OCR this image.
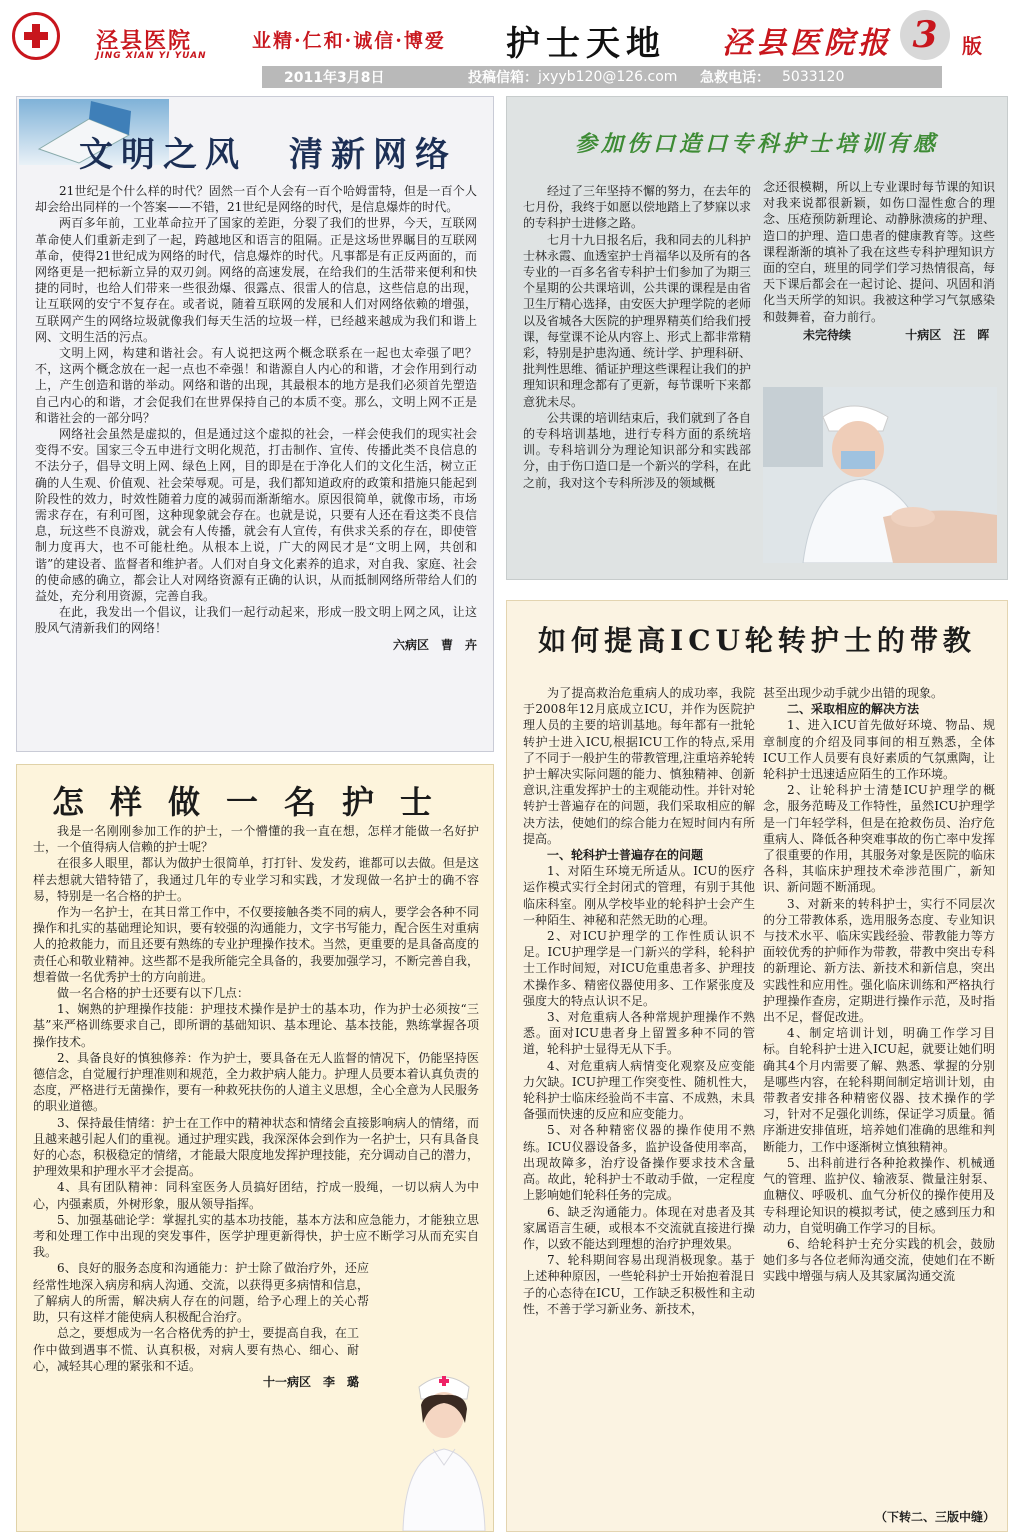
泾县医院
JING XIAN YI YUAN
业精·仁和·诚信·博爱 护士天地 泾县医院报 3	版
2011年3月8日	投稿信箱： jxyyb120@126.com 急救电话： 5033120
文明之风　清新网络

21世纪是个什么样的时代？固然一百个人会有一百个哈姆雷特，但是一百个人却会给出同样的一个答案——不错，21世纪是网络的时代，是信息爆炸的时代。

两百多年前，工业革命拉开了国家的差距，分裂了我们的世界，今天，互联网革命使人们重新走到了一起，跨越地区和语言的阻隔。正是这场世界瞩目的互联网革命，使得21世纪成为网络的时代，信息爆炸的时代。凡事都是有正反两面的，而网络更是一把标新立异的双刃剑。网络的高速发展，在给我们的生活带来便利和快捷的同时，也给人们带来一些很劲爆、很露点、很雷人的信息，这些信息的出现，让互联网的安宁不复存在。或者说，随着互联网的发展和人们对网络依赖的增强，互联网产生的网络垃圾就像我们每天生活的垃圾一样，已经越来越成为我们和谐上网、文明生活的污点。

文明上网，构建和谐社会。有人说把这两个概念联系在一起也太牵强了吧？不，这两个概念放在一起一点也不牵强！和谐源自人内心的和谐，才会作用到行动上，产生创造和谐的举动。网络和谐的出现，其最根本的地方是我们必须首先塑造自己内心的和谐，才会促我们在世界保持自己的本质不变。那么，文明上网不正是和谐社会的一部分吗？

网络社会虽然是虚拟的，但是通过这个虚拟的社会，一样会使我们的现实社会变得不安。国家三令五申进行文明化规范，打击制作、宣传、传播此类不良信息的不法分子，倡导文明上网、绿色上网，目的即是在于净化人们的文化生活，树立正确的人生观、价值观、社会荣辱观。可是，我们都知道政府的政策和措施只能起到阶段性的效力，时效性随着力度的减弱而渐渐缩水。原因很简单，就像市场，市场需求存在，有利可图，这种现象就会存在。也就是说，只要有人还在看这类不良信息，玩这些不良游戏，就会有人传播，就会有人宣传，有供求关系的存在，即使管制力度再大，也不可能杜绝。从根本上说，广大的网民才是“文明上网，共创和谐”的建设者、监督者和维护者。人们对自身文化素养的追求，对自我、家庭、社会的使命感的确立，都会让人对网络资源有正确的认识，从而抵制网络所带给人们的益处，充分利用资源，完善自我。

在此，我发出一个倡议，让我们一起行动起来，形成一股文明上网之风，让这股风气清新我们的网络！

六病区　曹　卉
怎样做一名护士

我是一名刚刚参加工作的护士，一个懵懂的我一直在想，怎样才能做一名好护士，一个值得病人信赖的护士呢？

在很多人眼里，都认为做护士很简单，打打针、发发药，谁都可以去做。但是这样去想就大错特错了，我通过几年的专业学习和实践，才发现做一名护士的确不容易，特别是一名合格的护士。

作为一名护士，在其日常工作中，不仅要接触各类不同的病人，要学会各种不同操作和扎实的基础理论知识，要有较强的沟通能力，文字书写能力，配合医生对重病人的抢救能力，而且还要有熟练的专业护理操作技术。当然，更重要的是具备高度的责任心和敬业精神。这些都不是我所能完全具备的，我要加强学习，不断完善自我，想着做一名优秀护士的方向前进。

做一名合格的护士还要有以下几点：

1、娴熟的护理操作技能：护理技术操作是护士的基本功，作为护士必须按“三基”来严格训练要求自己，即所谓的基础知识、基本理论、基本技能，熟练掌握各项操作技术。

2、具备良好的慎独修养：作为护士，要具备在无人监督的情况下，仍能坚持医德信念，自觉履行护理准则和规范，全力救护病人能力。护理人员要本着认真负责的态度，严格进行无菌操作，要有一种救死扶伤的人道主义思想，全心全意为人民服务的职业道德。

3、保持最佳情绪：护士在工作中的精神状态和情绪会直接影响病人的情绪，而且越来越引起人们的重视。通过护理实践，我深深体会到作为一名护士，只有具备良好的心态，积极稳定的情绪，才能最大限度地发挥护理技能，充分调动自己的潜力，护理效果和护理水平才会提高。

4、具有团队精神：同科室医务人员搞好团结，拧成一股绳，一切以病人为中心，内强素质，外树形象，服从领导指挥。

5、加强基础论学：掌握扎实的基本功技能，基本方法和应急能力，才能独立思考和处理工作中出现的突发事件，医学护理更新得快，护士应不断学习从而充实自我。

6、良好的服务态度和沟通能力：护士除了做治疗外，还应经常性地深入病房和病人沟通、交流，以获得更多病情和信息，了解病人的所需，解决病人存在的问题，给予心理上的关心帮助，只有这样才能使病人积极配合治疗。

总之，要想成为一名合格优秀的护士，要提高自我，在工作中做到遇事不慌、认真积极，对病人要有热心、细心、耐心，减轻其心理的紧张和不适。

十一病区　李　璐
参加伤口造口专科护士培训有感

经过了三年坚持不懈的努力，在去年的七月份，我终于如愿以偿地踏上了梦寐以求的专科护士进修之路。

七月十九日报名后，我和同去的儿科护士林永霞、血透室护士肖福华以及所有的各专业的一百多名省专科护士们参加了为期三个星期的公共课培训，公共课的课程是由省卫生厅精心选择，由安医大护理学院的老师以及省城各大医院的护理界精英们给我们授课，每堂课不论从内容上、形式上都非常精彩，特别是护患沟通、统计学、护理科研、批判性思维、循证护理这些课程让我们的护理知识和理念都有了更新，每节课听下来都意犹未尽。

公共课的培训结束后，我们就到了各自的专科培训基地，进行专科方面的系统培训。专科培训分为理论知识部分和实践部分，由于伤口造口是一个新兴的学科，在此之前，我对这个专科所涉及的领域概

念还很模糊，所以上专业课时每节课的知识对我来说都很新颖，如伤口湿性愈合的理念、压疮预防新理论、动静脉溃疡的护理、造口的护理、造口患者的健康教育等。这些课程渐渐的填补了我在这些专科护理知识方面的空白，班里的同学们学习热情很高，每天下课后都会在一起讨论、提问、巩固和消化当天所学的知识。我被这种学习气氛感染和鼓舞着，奋力前行。
未完待续	十病区　汪　晖
如何提高ICU轮转护士的带教

为了提高救治危重病人的成功率，我院于2008年12月底成立ICU，并作为医院护理人员的主要的培训基地。每年都有一批轮转护士进入ICU,根据ICU工作的特点,采用了不同于一般护生的带教管理,注重培养轮转护士解决实际问题的能力、慎独精神、创新意识,注重发挥护士的主观能动性。并针对轮转护士普遍存在的问题，我们采取相应的解决方法，使她们的综合能力在短时间内有所提高。

一、轮科护士普遍存在的问题

1、对陌生环境无所适从。ICU的医疗运作模式实行全封闭式的管理，有别于其他临床科室。刚从学校毕业的轮科护士会产生一种陌生、神秘和茫然无助的心理。

2、对ICU护理学的工作性质认识不足。ICU护理学是一门新兴的学科，轮科护士工作时间短，对ICU危重患者多、护理技术操作多、精密仪器使用多、工作紧张度及强度大的特点认识不足。

3、对危重病人各种常规护理操作不熟悉。面对ICU患者身上留置多种不同的管道，轮科护士显得无从下手。

4、对危重病人病情变化观察及应变能力欠缺。ICU护理工作突变性、随机性大，轮科护士临床经验尚不丰富、不成熟，未具备强而快速的反应和应变能力。

5、对各种精密仪器的操作使用不熟练。ICU仪器设备多，监护设备使用率高，出现故障多，治疗设备操作要求技术含量高。故此，轮科护士不敢动手做，一定程度上影响她们轮科任务的完成。

6、缺乏沟通能力。体现在对患者及其家属语言生硬，或根本不交流就直接进行操作，以致不能达到理想的治疗护理效果。

7、轮科期间容易出现消极现象。基于上述种种原因，一些轮科护士开始抱着混日子的心态待在ICU，工作缺乏积极性和主动性，不善于学习新业务、新技术，

甚至出现少动手就少出错的现象。

二、采取相应的解决方法

1、进入ICU首先做好环境、物品、规章制度的介绍及同事间的相互熟悉，全体ICU工作人员要有良好素质的气氛熏陶，让轮科护士迅速适应陌生的工作环境。

2、让轮科护士清楚ICU护理学的概念，服务范畴及工作特性，虽然ICU护理学是一门年轻学科，但是在抢救伤员、治疗危重病人、降低各种突难事故的伤亡率中发挥了很重要的作用，其服务对象是医院的临床各科，其临床护理技术牵涉范围广，新知识、新问题不断涌现。

3、对新来的转科护士，实行不同层次的分工带教体系，选用服务态度、专业知识与技术水平、临床实践经验、带教能力等方面较优秀的护师作为带教，带教中突出专科的新理论、新方法、新技术和新信息，突出实践性和应用性。强化临床训练和严格执行护理操作查房，定期进行操作示范，及时指出不足，督促改进。

4、制定培训计划，明确工作学习目标。自轮科护士进入ICU起，就要让她们明确其4个月内需要了解、熟悉、掌握的分别是哪些内容，在轮科期间制定培训计划，由带教者安排各种精密仪器、技术操作的学习，针对不足强化训练，保证学习质量。循序渐进安排值班，培养她们准确的思维和判断能力，工作中逐渐树立慎独精神。

5、出科前进行各种抢救操作、机械通气的管理、监护仪、输液泵、微量注射泵、血糖仪、呼吸机、血气分析仪的操作使用及专科理论知识的模拟考试，使之感到压力和动力，自觉明确工作学习的目标。

6、给轮科护士充分实践的机会，鼓励她们多与各位老师沟通交流，使她们在不断实践中增强与病人及其家属沟通交流

（下转二、三版中缝）
